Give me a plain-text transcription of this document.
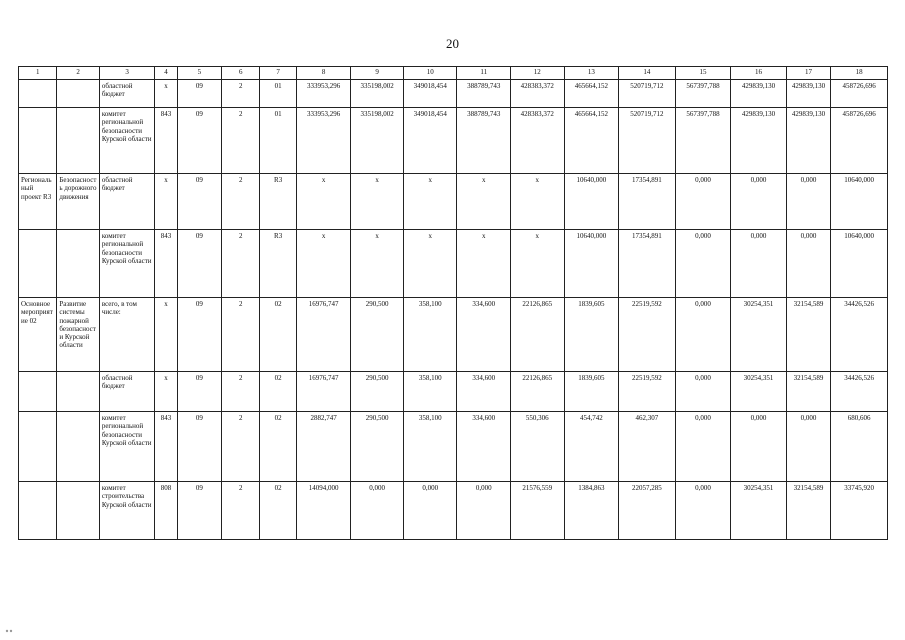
20
1	2	3	4	5	6	7	8	9	10	11	12	13	14	15	16	17	18
		областной бюджет	х	09	2	01	333953,296	335198,002	349018,454	388789,743	428383,372	465664,152	520719,712	567397,788	429839,130	429839,130	458726,696
		комитет региональной безопасности Курской области	843	09	2	01	333953,296	335198,002	349018,454	388789,743	428383,372	465664,152	520719,712	567397,788	429839,130	429839,130	458726,696
Региональный проект R3	Безопасность дорожного движения	областной бюджет	х	09	2	R3	х	х	х	х	х	10640,000	17354,891	0,000	0,000	0,000	10640,000
		комитет региональной безопасности Курской области	843	09	2	R3	х	х	х	х	х	10640,000	17354,891	0,000	0,000	0,000	10640,000
Основное мероприятие 02	Развитие системы пожарной безопасности Курской области	всего, в том числе:	х	09	2	02	16976,747	290,500	358,100	334,600	22126,865	1839,605	22519,592	0,000	30254,351	32154,589	34426,526
		областной бюджет	х	09	2	02	16976,747	290,500	358,100	334,600	22126,865	1839,605	22519,592	0,000	30254,351	32154,589	34426,526
		комитет региональной безопасности Курской области	843	09	2	02	2882,747	290,500	358,100	334,600	550,306	454,742	462,307	0,000	0,000	0,000	680,606
		комитет строительства Курской области	808	09	2	02	14094,000	0,000	0,000	0,000	21576,559	1384,863	22057,285	0,000	30254,351	32154,589	33745,920
